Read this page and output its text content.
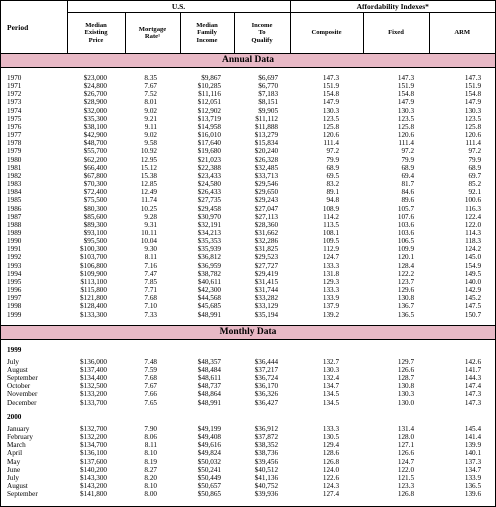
Period	U.S.				Affordability Indexes*		
	Median
Existing
Price	Mortgage
Rate¹	Median
Family
Income	Income
To
Qualify	Composite	Fixed	ARM
Annual Data							

1970	$23,000	8.35	$9,867	$6,697	147.3	147.3	147.3
1971	$24,800	7.67	$10,285	$6,770	151.9	151.9	151.9
1972	$26,700	7.52	$11,116	$7,183	154.8	154.8	154.8
1973	$28,900	8.01	$12,051	$8,151	147.9	147.9	147.9
1974	$32,000	9.02	$12,902	$9,905	130.3	130.3	130.3
1975	$35,300	9.21	$13,719	$11,112	123.5	123.5	123.5
1976	$38,100	9.11	$14,958	$11,888	125.8	125.8	125.8
1977	$42,900	9.02	$16,010	$13,279	120.6	120.6	120.6
1978	$48,700	9.58	$17,640	$15,834	111.4	111.4	111.4
1979	$55,700	10.92	$19,680	$20,240	97.2	97.2	97.2
1980	$62,200	12.95	$21,023	$26,328	79.9	79.9	79.9
1981	$66,400	15.12	$22,388	$32,485	68.9	68.9	68.9
1982	$67,800	15.38	$23,433	$33,713	69.5	69.4	69.7
1983	$70,300	12.85	$24,580	$29,546	83.2	81.7	85.2
1984	$72,400	12.49	$26,433	$29,650	89.1	84.6	92.1
1985	$75,500	11.74	$27,735	$29,243	94.8	89.6	100.6
1986	$80,300	10.25	$29,458	$27,047	108.9	105.7	116.3
1987	$85,600	9.28	$30,970	$27,113	114.2	107.6	122.4
1988	$89,300	9.31	$32,191	$28,360	113.5	103.6	122.0
1989	$93,100	10.11	$34,213	$31,662	108.1	103.6	114.3
1990	$95,500	10.04	$35,353	$32,286	109.5	106.5	118.3
1991	$100,300	9.30	$35,939	$31,825	112.9	109.9	124.2
1992	$103,700	8.11	$36,812	$29,523	124.7	120.1	145.0
1993	$106,800	7.16	$36,959	$27,727	133.3	128.4	154.9
1994	$109,900	7.47	$38,782	$29,419	131.8	122.2	149.5
1995	$113,100	7.85	$40,611	$31,415	129.3	123.7	140.0
1996	$115,800	7.71	$42,300	$31,744	133.3	129.6	142.9
1997	$121,800	7.68	$44,568	$33,282	133.9	130.8	145.2
1998	$128,400	7.10	$45,685	$33,129	137.9	136.7	147.5
1999	$133,300	7.33	$48,991	$35,194	139.2	136.5	150.7

Monthly Data							

1999							

July	$136,000	7.48	$48,357	$36,444	132.7	129.7	142.6
August	$137,400	7.59	$48,484	$37,217	130.3	126.6	141.7
September	$134,400	7.68	$48,611	$36,724	132.4	128.7	144.3
October	$132,500	7.67	$48,737	$36,170	134.7	130.8	147.4
November	$133,200	7.66	$48,864	$36,326	134.5	130.3	147.3
December	$133,700	7.65	$48,991	$36,427	134.5	130.0	147.3

2000							

January	$132,700	7.90	$49,199	$36,912	133.3	131.4	145.4
February	$132,200	8.06	$49,408	$37,872	130.5	128.0	141.4
March	$134,700	8.11	$49,616	$38,352	129.4	127.1	139.9
April	$136,100	8.10	$49,824	$38,736	128.6	126.6	140.1
May	$137,600	8.19	$50,032	$39,456	126.8	124.7	137.3
June	$140,200	8.27	$50,241	$40,512	124.0	122.0	134.7
July	$143,300	8.20	$50,449	$41,136	122.6	121.5	133.9
August	$143,200	8.10	$50,657	$40,752	124.3	123.3	136.5
September	$141,800	8.00	$50,865	$39,936	127.4	126.8	139.6
